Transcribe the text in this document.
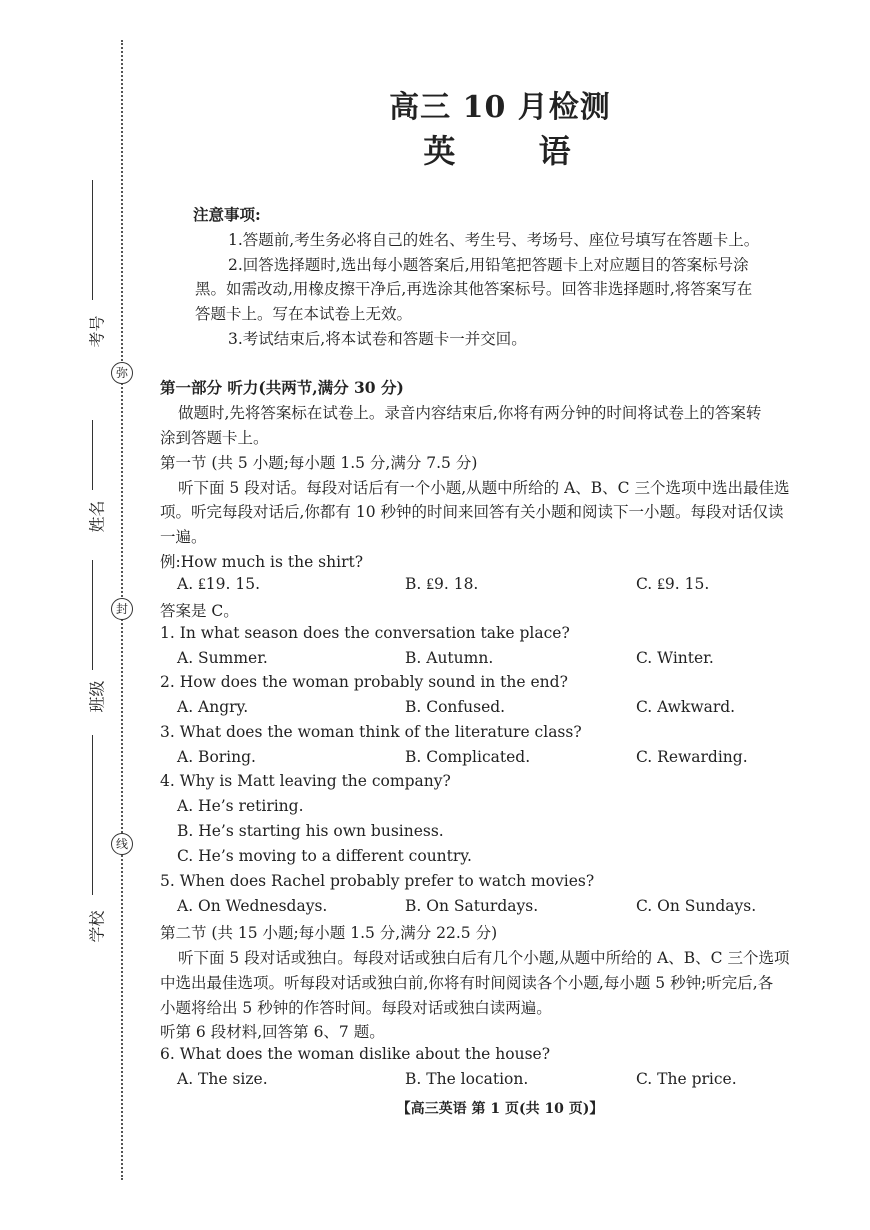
弥
封
线
考号
姓名
班级
学校
高三 10 月检测
英 语
注意事项:
1.答题前,考生务必将自己的姓名、考生号、考场号、座位号填写在答题卡上。
2.回答选择题时,选出每小题答案后,用铅笔把答题卡上对应题目的答案标号涂
黑。如需改动,用橡皮擦干净后,再选涂其他答案标号。回答非选择题时,将答案写在
答题卡上。写在本试卷上无效。
3.考试结束后,将本试卷和答题卡一并交回。
第一部分 听力(共两节,满分 30 分)
做题时,先将答案标在试卷上。录音内容结束后,你将有两分钟的时间将试卷上的答案转
涂到答题卡上。
第一节 (共 5 小题;每小题 1.5 分,满分 7.5 分)
听下面 5 段对话。每段对话后有一个小题,从题中所给的 A、B、C 三个选项中选出最佳选
项。听完每段对话后,你都有 10 秒钟的时间来回答有关小题和阅读下一小题。每段对话仅读
一遍。
例:How much is the shirt?
A. ₤19. 15.	B. ₤9. 18.	C. ₤9. 15.
答案是 C。
1. In what season does the conversation take place?
A. Summer.	B. Autumn.	C. Winter.
2. How does the woman probably sound in the end?
A. Angry.	B. Confused.	C. Awkward.
3. What does the woman think of the literature class?
A. Boring.	B. Complicated.	C. Rewarding.
4. Why is Matt leaving the company?
A. He’s retiring.
B. He’s starting his own business.
C. He’s moving to a different country.
5. When does Rachel probably prefer to watch movies?
A. On Wednesdays.	B. On Saturdays.	C. On Sundays.
第二节 (共 15 小题;每小题 1.5 分,满分 22.5 分)
听下面 5 段对话或独白。每段对话或独白后有几个小题,从题中所给的 A、B、C 三个选项
中选出最佳选项。听每段对话或独白前,你将有时间阅读各个小题,每小题 5 秒钟;听完后,各
小题将给出 5 秒钟的作答时间。每段对话或独白读两遍。
听第 6 段材料,回答第 6、7 题。
6. What does the woman dislike about the house?
A. The size.	B. The location.	C. The price.
【高三英语 第 1 页(共 10 页)】
